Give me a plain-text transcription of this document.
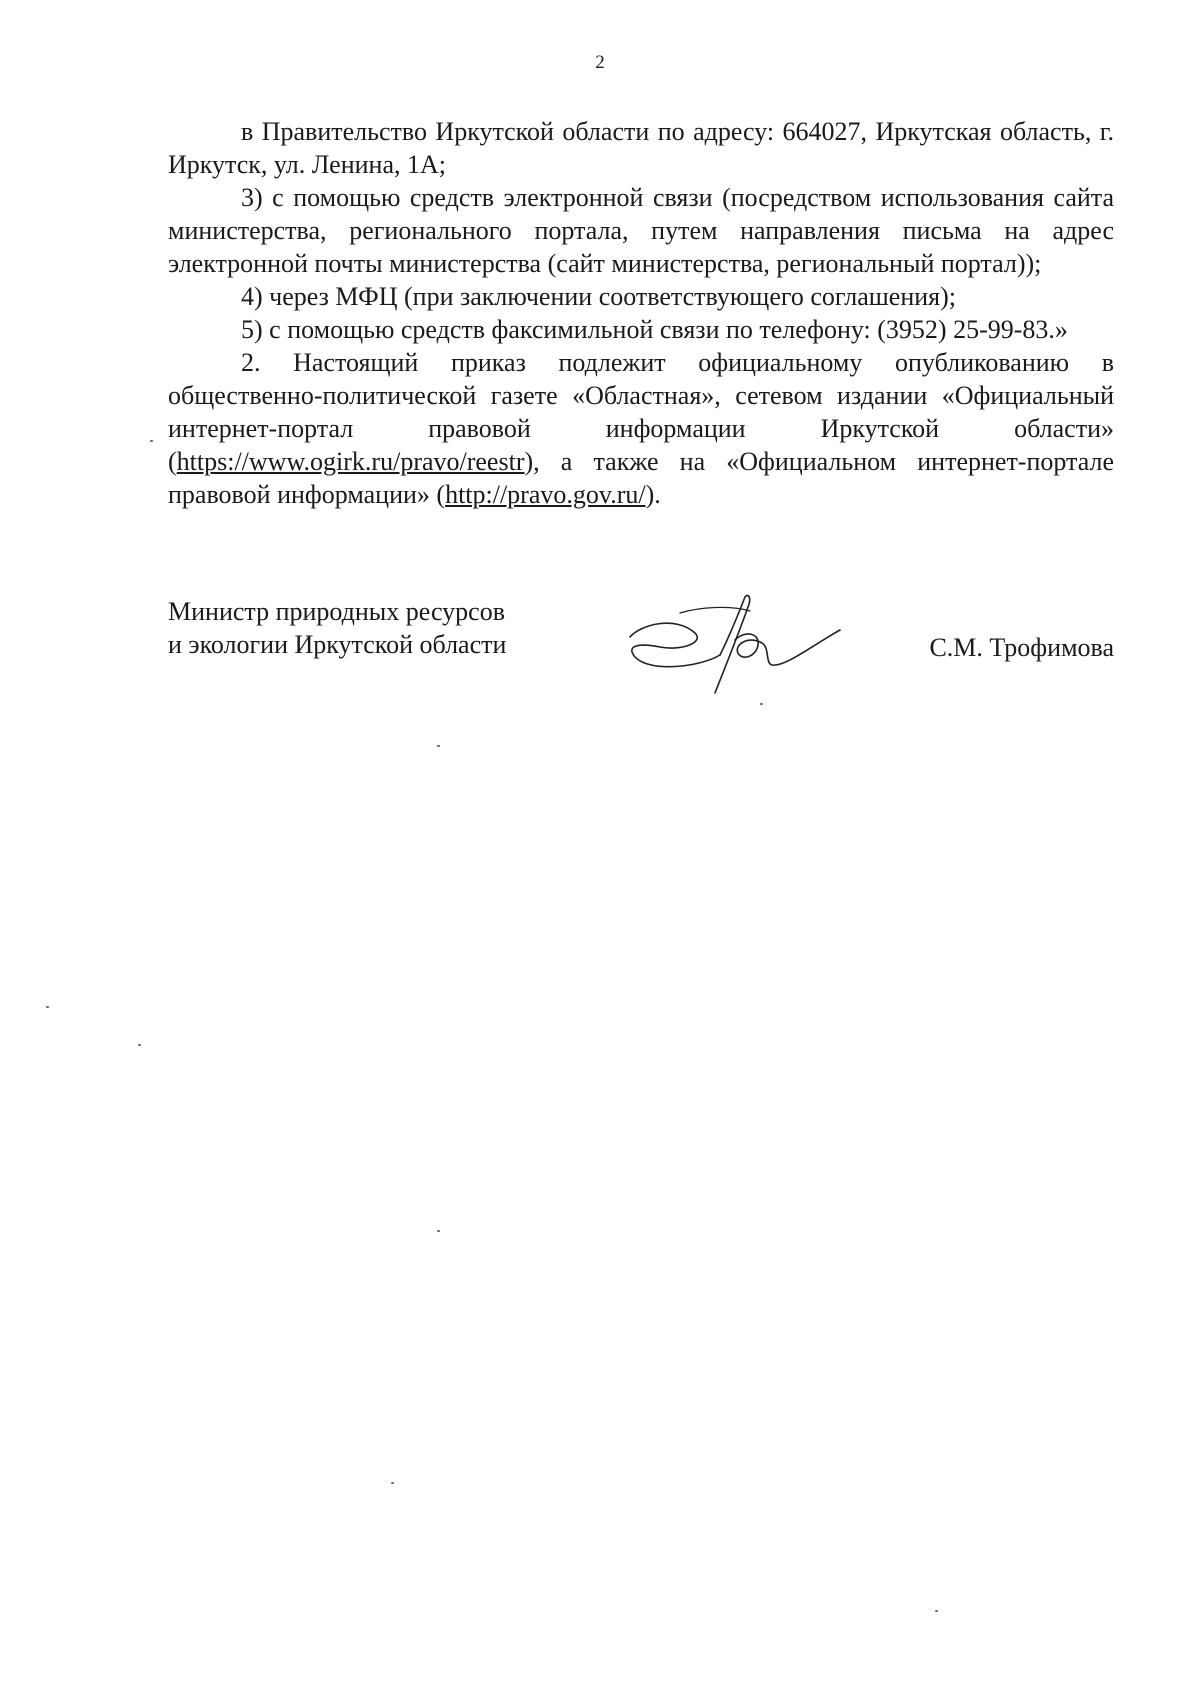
2

в Правительство Иркутской области по адресу: 664027, Иркутская область, г. Иркутск, ул. Ленина, 1А;

3) с помощью средств электронной связи (посредством использования сайта министерства, регионального портала, путем направления письма на адрес электронной почты министерства (сайт министерства, региональный портал));

4) через МФЦ (при заключении соответствующего соглашения);

5) с помощью средств факсимильной связи по телефону: (3952) 25-99-83.»

2. Настоящий приказ подлежит официальному опубликованию в общественно-политической газете «Областная», сетевом издании «Официальный интернет-портал правовой информации Иркутской области» (https://www.ogirk.ru/pravo/reestr), а также на «Официальном интернет-портале правовой информации» (http://pravo.gov.ru/).

Министр природных ресурсов
и экологии Иркутской области	С.М. Трофимова
